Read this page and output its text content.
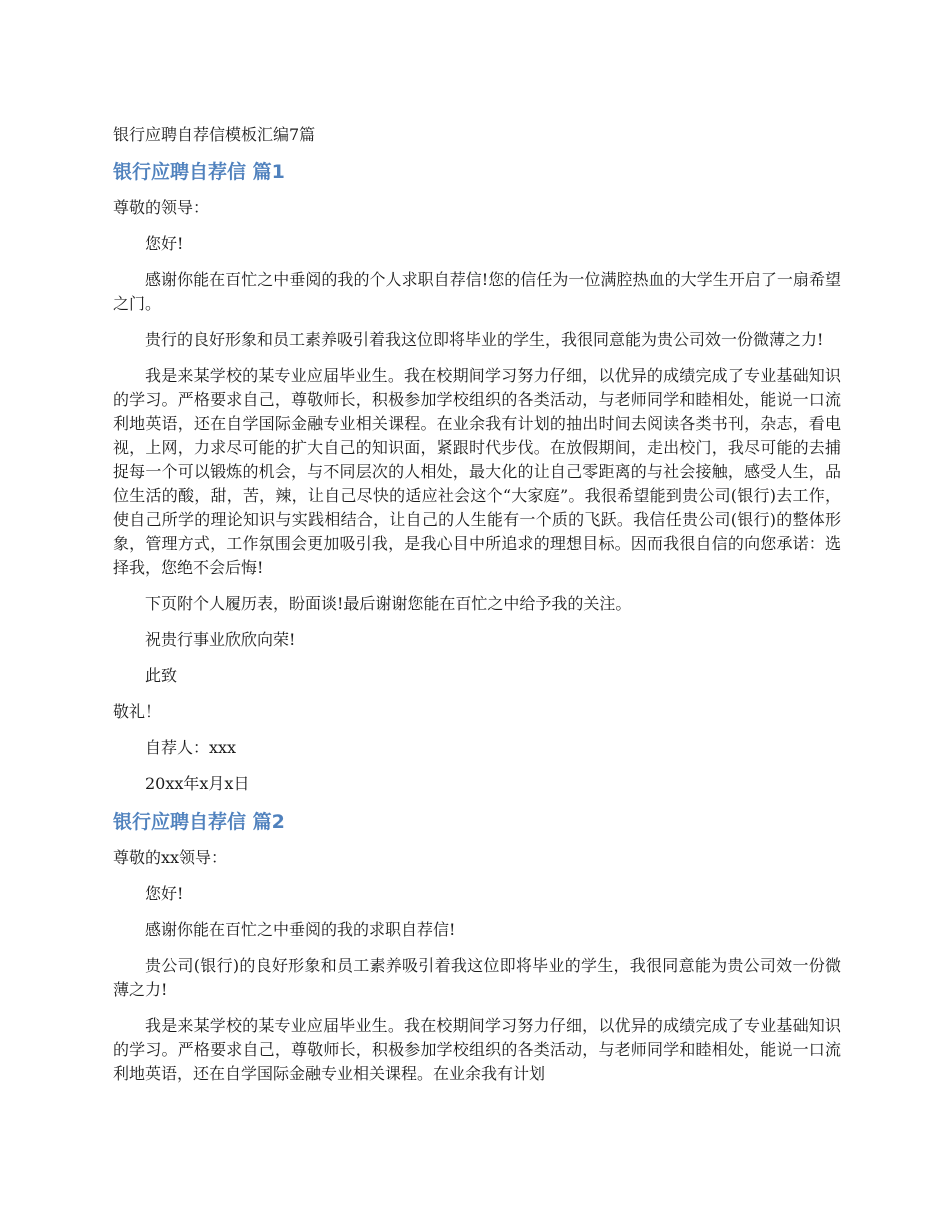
银行应聘自荐信模板汇编7篇
银行应聘自荐信 篇1

尊敬的领导：

您好!

感谢你能在百忙之中垂阅的我的个人求职自荐信!您的信任为一位满腔热血的大学生开启了一扇希望之门。

贵行的良好形象和员工素养吸引着我这位即将毕业的学生，我很同意能为贵公司效一份微薄之力!

我是来某学校的某专业应届毕业生。我在校期间学习努力仔细，以优异的成绩完成了专业基础知识的学习。严格要求自己，尊敬师长，积极参加学校组织的各类活动，与老师同学和睦相处，能说一口流利地英语，还在自学国际金融专业相关课程。在业余我有计划的抽出时间去阅读各类书刊，杂志，看电视，上网，力求尽可能的扩大自己的知识面，紧跟时代步伐。在放假期间，走出校门，我尽可能的去捕捉每一个可以锻炼的机会，与不同层次的人相处，最大化的让自己零距离的与社会接触，感受人生，品位生活的酸，甜，苦，辣，让自己尽快的适应社会这个“大家庭”。我很希望能到贵公司(银行)去工作，使自己所学的理论知识与实践相结合，让自己的人生能有一个质的飞跃。我信任贵公司(银行)的整体形象，管理方式，工作氛围会更加吸引我，是我心目中所追求的理想目标。因而我很自信的向您承诺：选择我，您绝不会后悔!

下页附个人履历表，盼面谈!最后谢谢您能在百忙之中给予我的关注。

祝贵行事业欣欣向荣!

此致

敬礼！

自荐人：xxx

20xx年x月x日

银行应聘自荐信 篇2

尊敬的xx领导：

您好!

感谢你能在百忙之中垂阅的我的求职自荐信!

贵公司(银行)的良好形象和员工素养吸引着我这位即将毕业的学生，我很同意能为贵公司效一份微薄之力!

我是来某学校的某专业应届毕业生。我在校期间学习努力仔细，以优异的成绩完成了专业基础知识的学习。严格要求自己，尊敬师长，积极参加学校组织的各类活动，与老师同学和睦相处，能说一口流利地英语，还在自学国际金融专业相关课程。在业余我有计划
